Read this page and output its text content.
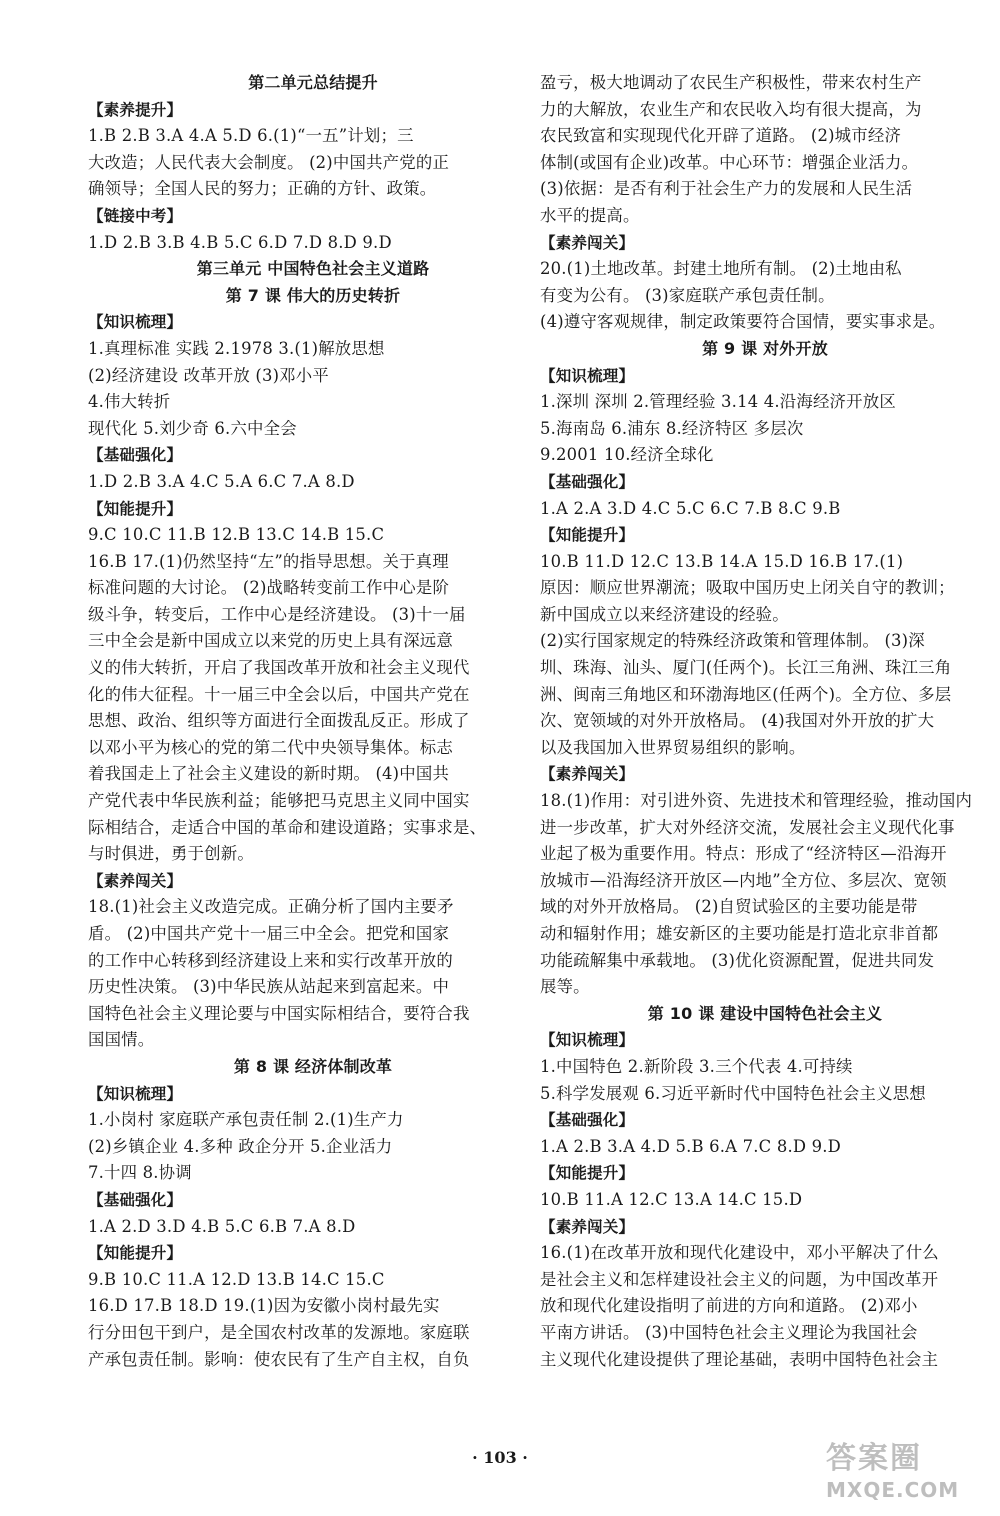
第二单元总结提升
【素养提升】
1.B 2.B 3.A 4.A 5.D 6.(1)“一五”计划；三
大改造；人民代表大会制度。 (2)中国共产党的正
确领导；全国人民的努力；正确的方针、政策。
【链接中考】
1.D 2.B 3.B 4.B 5.C 6.D 7.D 8.D 9.D
第三单元 中国特色社会主义道路
第 7 课 伟大的历史转折
【知识梳理】
1.真理标准 实践 2.1978 3.(1)解放思想
(2)经济建设 改革开放 (3)邓小平
4.伟大转折
现代化 5.刘少奇 6.六中全会
【基础强化】
1.D 2.B 3.A 4.C 5.A 6.C 7.A 8.D
【知能提升】
9.C 10.C 11.B 12.B 13.C 14.B 15.C
16.B 17.(1)仍然坚持“左”的指导思想。关于真理
标准问题的大讨论。 (2)战略转变前工作中心是阶
级斗争，转变后，工作中心是经济建设。 (3)十一届
三中全会是新中国成立以来党的历史上具有深远意
义的伟大转折，开启了我国改革开放和社会主义现代
化的伟大征程。十一届三中全会以后，中国共产党在
思想、政治、组织等方面进行全面拨乱反正。形成了
以邓小平为核心的党的第二代中央领导集体。标志
着我国走上了社会主义建设的新时期。 (4)中国共
产党代表中华民族利益；能够把马克思主义同中国实
际相结合，走适合中国的革命和建设道路；实事求是、
与时俱进，勇于创新。
【素养闯关】
18.(1)社会主义改造完成。正确分析了国内主要矛
盾。 (2)中国共产党十一届三中全会。把党和国家
的工作中心转移到经济建设上来和实行改革开放的
历史性决策。 (3)中华民族从站起来到富起来。中
国特色社会主义理论要与中国实际相结合，要符合我
国国情。
第 8 课 经济体制改革
【知识梳理】
1.小岗村 家庭联产承包责任制 2.(1)生产力
(2)乡镇企业 4.多种 政企分开 5.企业活力
7.十四 8.协调
【基础强化】
1.A 2.D 3.D 4.B 5.C 6.B 7.A 8.D
【知能提升】
9.B 10.C 11.A 12.D 13.B 14.C 15.C
16.D 17.B 18.D 19.(1)因为安徽小岗村最先实
行分田包干到户，是全国农村改革的发源地。家庭联
产承包责任制。影响：使农民有了生产自主权，自负
盈亏，极大地调动了农民生产积极性，带来农村生产
力的大解放，农业生产和农民收入均有很大提高，为
农民致富和实现现代化开辟了道路。 (2)城市经济
体制(或国有企业)改革。中心环节：增强企业活力。
(3)依据：是否有利于社会生产力的发展和人民生活
水平的提高。
【素养闯关】
20.(1)土地改革。封建土地所有制。 (2)土地由私
有变为公有。 (3)家庭联产承包责任制。
(4)遵守客观规律，制定政策要符合国情，要实事求是。
第 9 课 对外开放
【知识梳理】
1.深圳 深圳 2.管理经验 3.14 4.沿海经济开放区
5.海南岛 6.浦东 8.经济特区 多层次
9.2001 10.经济全球化
【基础强化】
1.A 2.A 3.D 4.C 5.C 6.C 7.B 8.C 9.B
【知能提升】
10.B 11.D 12.C 13.B 14.A 15.D 16.B 17.(1)
原因：顺应世界潮流；吸取中国历史上闭关自守的教训；
新中国成立以来经济建设的经验。
(2)实行国家规定的特殊经济政策和管理体制。 (3)深
圳、珠海、汕头、厦门(任两个)。长江三角洲、珠江三角
洲、闽南三角地区和环渤海地区(任两个)。全方位、多层
次、宽领域的对外开放格局。 (4)我国对外开放的扩大
以及我国加入世界贸易组织的影响。
【素养闯关】
18.(1)作用：对引进外资、先进技术和管理经验，推动国内
进一步改革，扩大对外经济交流，发展社会主义现代化事
业起了极为重要作用。特点：形成了“经济特区—沿海开
放城市—沿海经济开放区—内地”全方位、多层次、宽领
域的对外开放格局。 (2)自贸试验区的主要功能是带
动和辐射作用；雄安新区的主要功能是打造北京非首都
功能疏解集中承载地。 (3)优化资源配置，促进共同发
展等。
第 10 课 建设中国特色社会主义
【知识梳理】
1.中国特色 2.新阶段 3.三个代表 4.可持续
5.科学发展观 6.习近平新时代中国特色社会主义思想
【基础强化】
1.A 2.B 3.A 4.D 5.B 6.A 7.C 8.D 9.D
【知能提升】
10.B 11.A 12.C 13.A 14.C 15.D
【素养闯关】
16.(1)在改革开放和现代化建设中，邓小平解决了什么
是社会主义和怎样建设社会主义的问题，为中国改革开
放和现代化建设指明了前进的方向和道路。 (2)邓小
平南方讲话。 (3)中国特色社会主义理论为我国社会
主义现代化建设提供了理论基础，表明中国特色社会主
· 103 ·	答案圈
MXQE.COM
